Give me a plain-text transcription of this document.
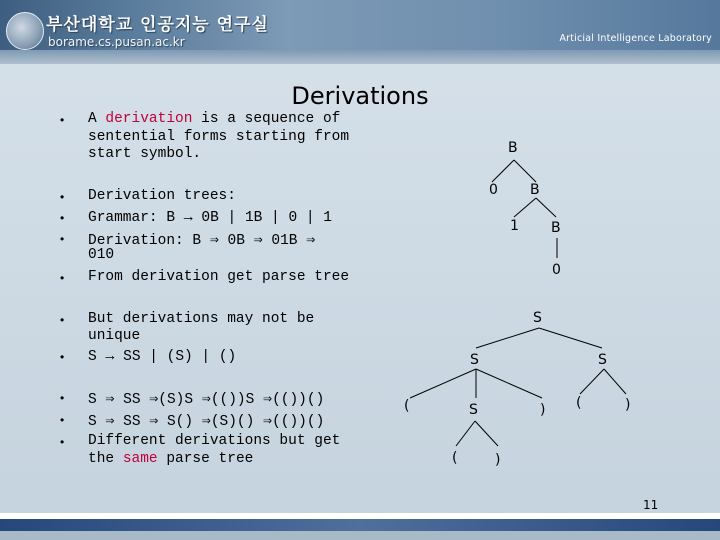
부산대학교 인공지능 연구실
borame.cs.pusan.ac.kr	Articial Intelligence Laboratory
Derivations
•
•
•
•
•
•
•
•
•
•
A derivation is a sequence of
sentential forms starting from
start symbol.
Derivation trees:
Grammar: B → 0B | 1B | 0 | 1
Derivation: B ⇒ 0B ⇒ 01B ⇒
010
From derivation get parse tree
But derivations may not be
unique
S → SS | (S) | ()
S ⇒ SS ⇒(S)S ⇒(())S ⇒(())()
S ⇒ SS ⇒ S() ⇒(S)() ⇒(())()
Different derivations but get
the same parse tree
B
0 B
1 B
0
S
S	S
(	S	) (	)
(	)
11
